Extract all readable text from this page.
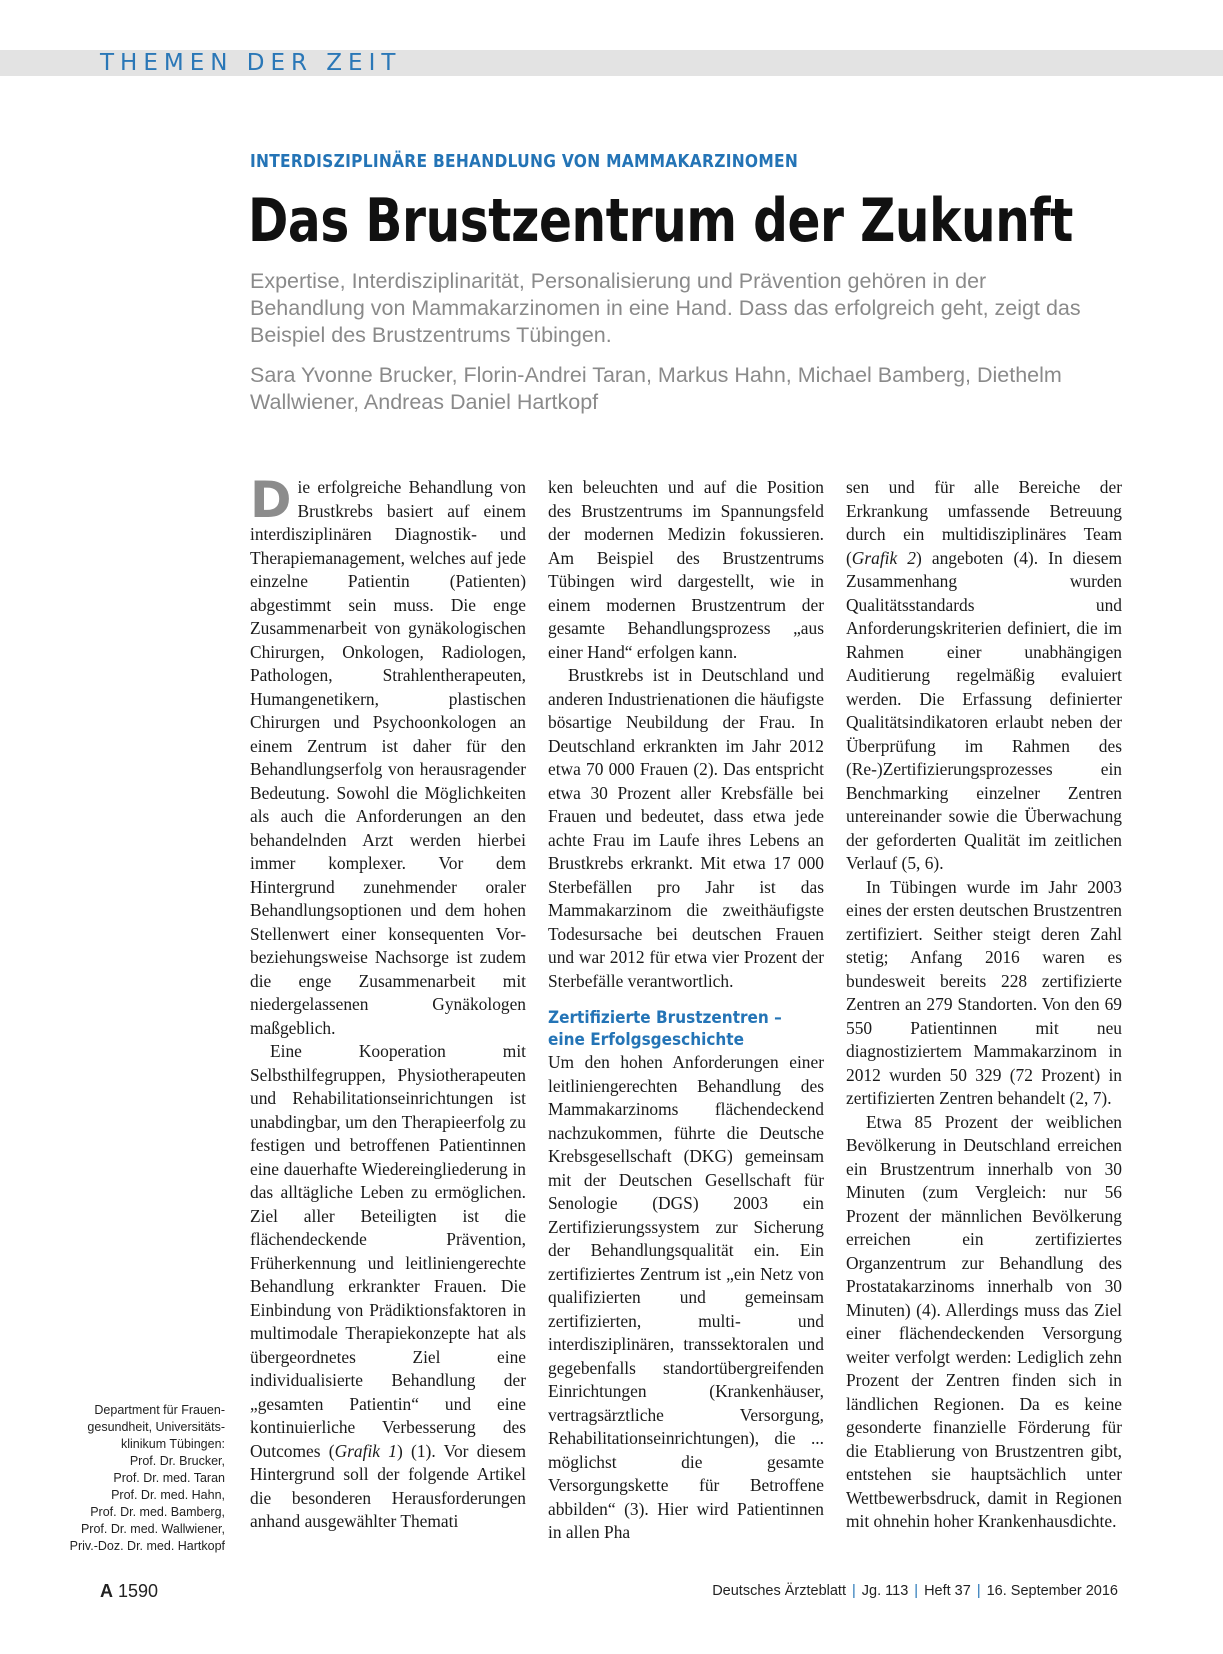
THEMEN DER ZEIT
INTERDISZIPLINÄRE BEHANDLUNG VON MAMMAKARZINOMEN
Das Brustzentrum der Zukunft

Expertise, Interdisziplinarität, Personalisierung und Prävention gehören in der Behandlung von Mammakarzinomen in eine Hand. Dass das erfolgreich geht, zeigt das Beispiel des Brustzentrums Tübingen.

Sara Yvonne Brucker, Florin-Andrei Taran, Markus Hahn, Michael Bamberg, Diethelm Wallwiener, Andreas Daniel Hartkopf

Die erfolgreiche Behandlung von Brustkrebs basiert auf einem interdisziplinären Diagnostik- und Therapiemanagement, welches auf jede einzelne Patientin (Patienten) abgestimmt sein muss. Die enge Zusammenarbeit von gynäkologischen Chirurgen, Onkologen, Radiologen, Pathologen, Strahlentherapeuten, Humangenetikern, plastischen Chirurgen und Psychoonkologen an einem Zentrum ist daher für den Behandlungserfolg von herausragender Bedeutung. Sowohl die Möglichkeiten als auch die Anforderungen an den behandelnden Arzt werden hierbei immer komplexer. Vor dem Hintergrund zunehmender oraler Behandlungsoptionen und dem hohen Stellenwert einer konsequenten Vor- beziehungsweise Nachsorge ist zudem die enge Zusammenarbeit mit niedergelassenen Gynäkologen maßgeblich.

Eine Kooperation mit Selbsthilfegruppen, Physiotherapeuten und Rehabilitationseinrichtungen ist unabdingbar, um den Therapieerfolg zu festigen und betroffenen Patientinnen eine dauerhafte Wiedereingliederung in das alltägliche Leben zu ermöglichen. Ziel aller Beteiligten ist die flächendeckende Prävention, Früherkennung und leitliniengerechte Behandlung erkrankter Frauen. Die Einbindung von Prädiktionsfaktoren in multimodale Therapiekonzepte hat als übergeordnetes Ziel eine individualisierte Behandlung der „gesamten Patientin“ und eine kontinuierliche Verbesserung des Outcomes (Grafik 1) (1). Vor diesem Hintergrund soll der folgende Artikel die besonderen Herausforderungen anhand ausgewählter Themati

ken beleuchten und auf die Position des Brustzentrums im Spannungsfeld der modernen Medizin fokussieren. Am Beispiel des Brustzentrums Tübingen wird dargestellt, wie in einem modernen Brustzentrum der gesamte Behandlungsprozess „aus einer Hand“ erfolgen kann.

Brustkrebs ist in Deutschland und anderen Industrienationen die häufigste bösartige Neubildung der Frau. In Deutschland erkrankten im Jahr 2012 etwa 70 000 Frauen (2). Das entspricht etwa 30 Prozent aller Krebsfälle bei Frauen und bedeutet, dass etwa jede achte Frau im Laufe ihres Lebens an Brustkrebs erkrankt. Mit etwa 17 000 Sterbefällen pro Jahr ist das Mammakarzinom die zweithäufigste Todesursache bei deutschen Frauen und war 2012 für etwa vier Prozent der Sterbefälle verantwortlich.

Zertifizierte Brustzentren – eine Erfolgsgeschichte

Um den hohen Anforderungen einer leitliniengerechten Behandlung des Mammakarzinoms flächendeckend nachzukommen, führte die Deutsche Krebsgesellschaft (DKG) gemeinsam mit der Deutschen Gesellschaft für Senologie (DGS) 2003 ein Zertifizierungssystem zur Sicherung der Behandlungsqualität ein. Ein zertifiziertes Zentrum ist „ein Netz von qualifizierten und gemeinsam zertifizierten, multi- und interdisziplinären, transsektoralen und gegebenfalls standortübergreifenden Einrichtungen (Krankenhäuser, vertragsärztliche Versorgung, Rehabilitationseinrichtungen), die ... möglichst die gesamte Versorgungskette für Betroffene abbilden“ (3). Hier wird Patientinnen in allen Pha

sen und für alle Bereiche der Erkrankung umfassende Betreuung durch ein multidisziplinäres Team (Grafik 2) angeboten (4). In diesem Zusammenhang wurden Qualitätsstandards und Anforderungskriterien definiert, die im Rahmen einer unabhängigen Auditierung regelmäßig evaluiert werden. Die Erfassung definierter Qualitätsindikatoren erlaubt neben der Überprüfung im Rahmen des (Re-)Zertifizierungsprozesses ein Benchmarking einzelner Zentren untereinander sowie die Überwachung der geforderten Qualität im zeitlichen Verlauf (5, 6).

In Tübingen wurde im Jahr 2003 eines der ersten deutschen Brustzentren zertifiziert. Seither steigt deren Zahl stetig; Anfang 2016 waren es bundesweit bereits 228 zertifizierte Zentren an 279 Standorten. Von den 69 550 Patientinnen mit neu diagnostiziertem Mammakarzinom in 2012 wurden 50 329 (72 Prozent) in zertifizierten Zentren behandelt (2, 7).

Etwa 85 Prozent der weiblichen Bevölkerung in Deutschland erreichen ein Brustzentrum innerhalb von 30 Minuten (zum Vergleich: nur 56 Prozent der männlichen Bevölkerung erreichen ein zertifiziertes Organzentrum zur Behandlung des Prostatakarzinoms innerhalb von 30 Minuten) (4). Allerdings muss das Ziel einer flächendeckenden Versorgung weiter verfolgt werden: Lediglich zehn Prozent der Zentren finden sich in ländlichen Regionen. Da es keine gesonderte finanzielle Förderung für die Etablierung von Brustzentren gibt, entstehen sie hauptsächlich unter Wettbewerbsdruck, damit in Regionen mit ohnehin hoher Krankenhausdichte.

Department für Frauen-
gesundheit, Universitäts-
klinikum Tübingen:
Prof. Dr. Brucker,
Prof. Dr. med. Taran
Prof. Dr. med. Hahn,
Prof. Dr. med. Bamberg,
Prof. Dr. med. Wallwiener,
Priv.-Doz. Dr. med. Hartkopf

A 1590	Deutsches Ärzteblatt | Jg. 113 | Heft 37 | 16. September 2016
